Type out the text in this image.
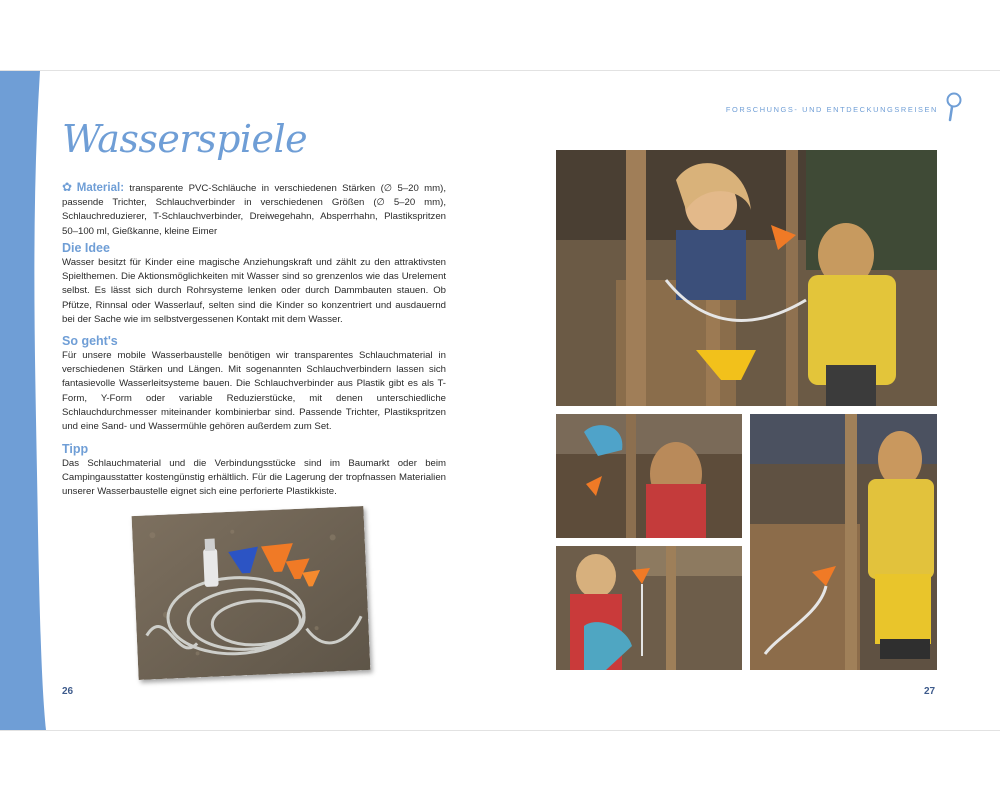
Wasserspiele

✿ Material: transparente PVC-Schläuche in verschiedenen Stärken (∅ 5–20 mm), passende Trichter, Schlauchverbinder in verschiedenen Größen (∅ 5–20 mm), Schlauchreduzierer, T-Schlauchverbinder, Dreiwegehahn, Absperrhahn, Plastikspritzen 50–100 ml, Gießkanne, kleine Eimer

Die Idee

Wasser besitzt für Kinder eine magische Anziehungskraft und zählt zu den attraktivsten Spielthemen. Die Aktionsmöglichkeiten mit Wasser sind so grenzenlos wie das Urelement selbst. Es lässt sich durch Rohrsysteme lenken oder durch Dammbauten stauen. Ob Pfütze, Rinnsal oder Wasserlauf, selten sind die Kinder so konzentriert und ausdauernd bei der Sache wie im selbstvergessenen Kontakt mit dem Wasser.

So geht's

Für unsere mobile Wasserbaustelle benötigen wir transparentes Schlauchmaterial in verschiedenen Stärken und Längen. Mit sogenannten Schlauchverbindern lassen sich fantasievolle Wasserleitsysteme bauen. Die Schlauchverbinder aus Plastik gibt es als T-Form, Y-Form oder variable Reduzierstücke, mit denen unterschiedliche Schlauchdurchmesser miteinander kombinierbar sind. Passende Trichter, Plastikspritzen und eine Sand- und Wassermühle gehören außerdem zum Set.

Tipp

Das Schlauchmaterial und die Verbindungsstücke sind im Baumarkt oder beim Campingausstatter kostengünstig erhältlich. Für die Lagerung der tropfnassen Materialien unserer Wasserbaustelle eignet sich eine perforierte Plastikkiste.

26
FORSCHUNGS- UND ENTDECKUNGSREISEN
27
